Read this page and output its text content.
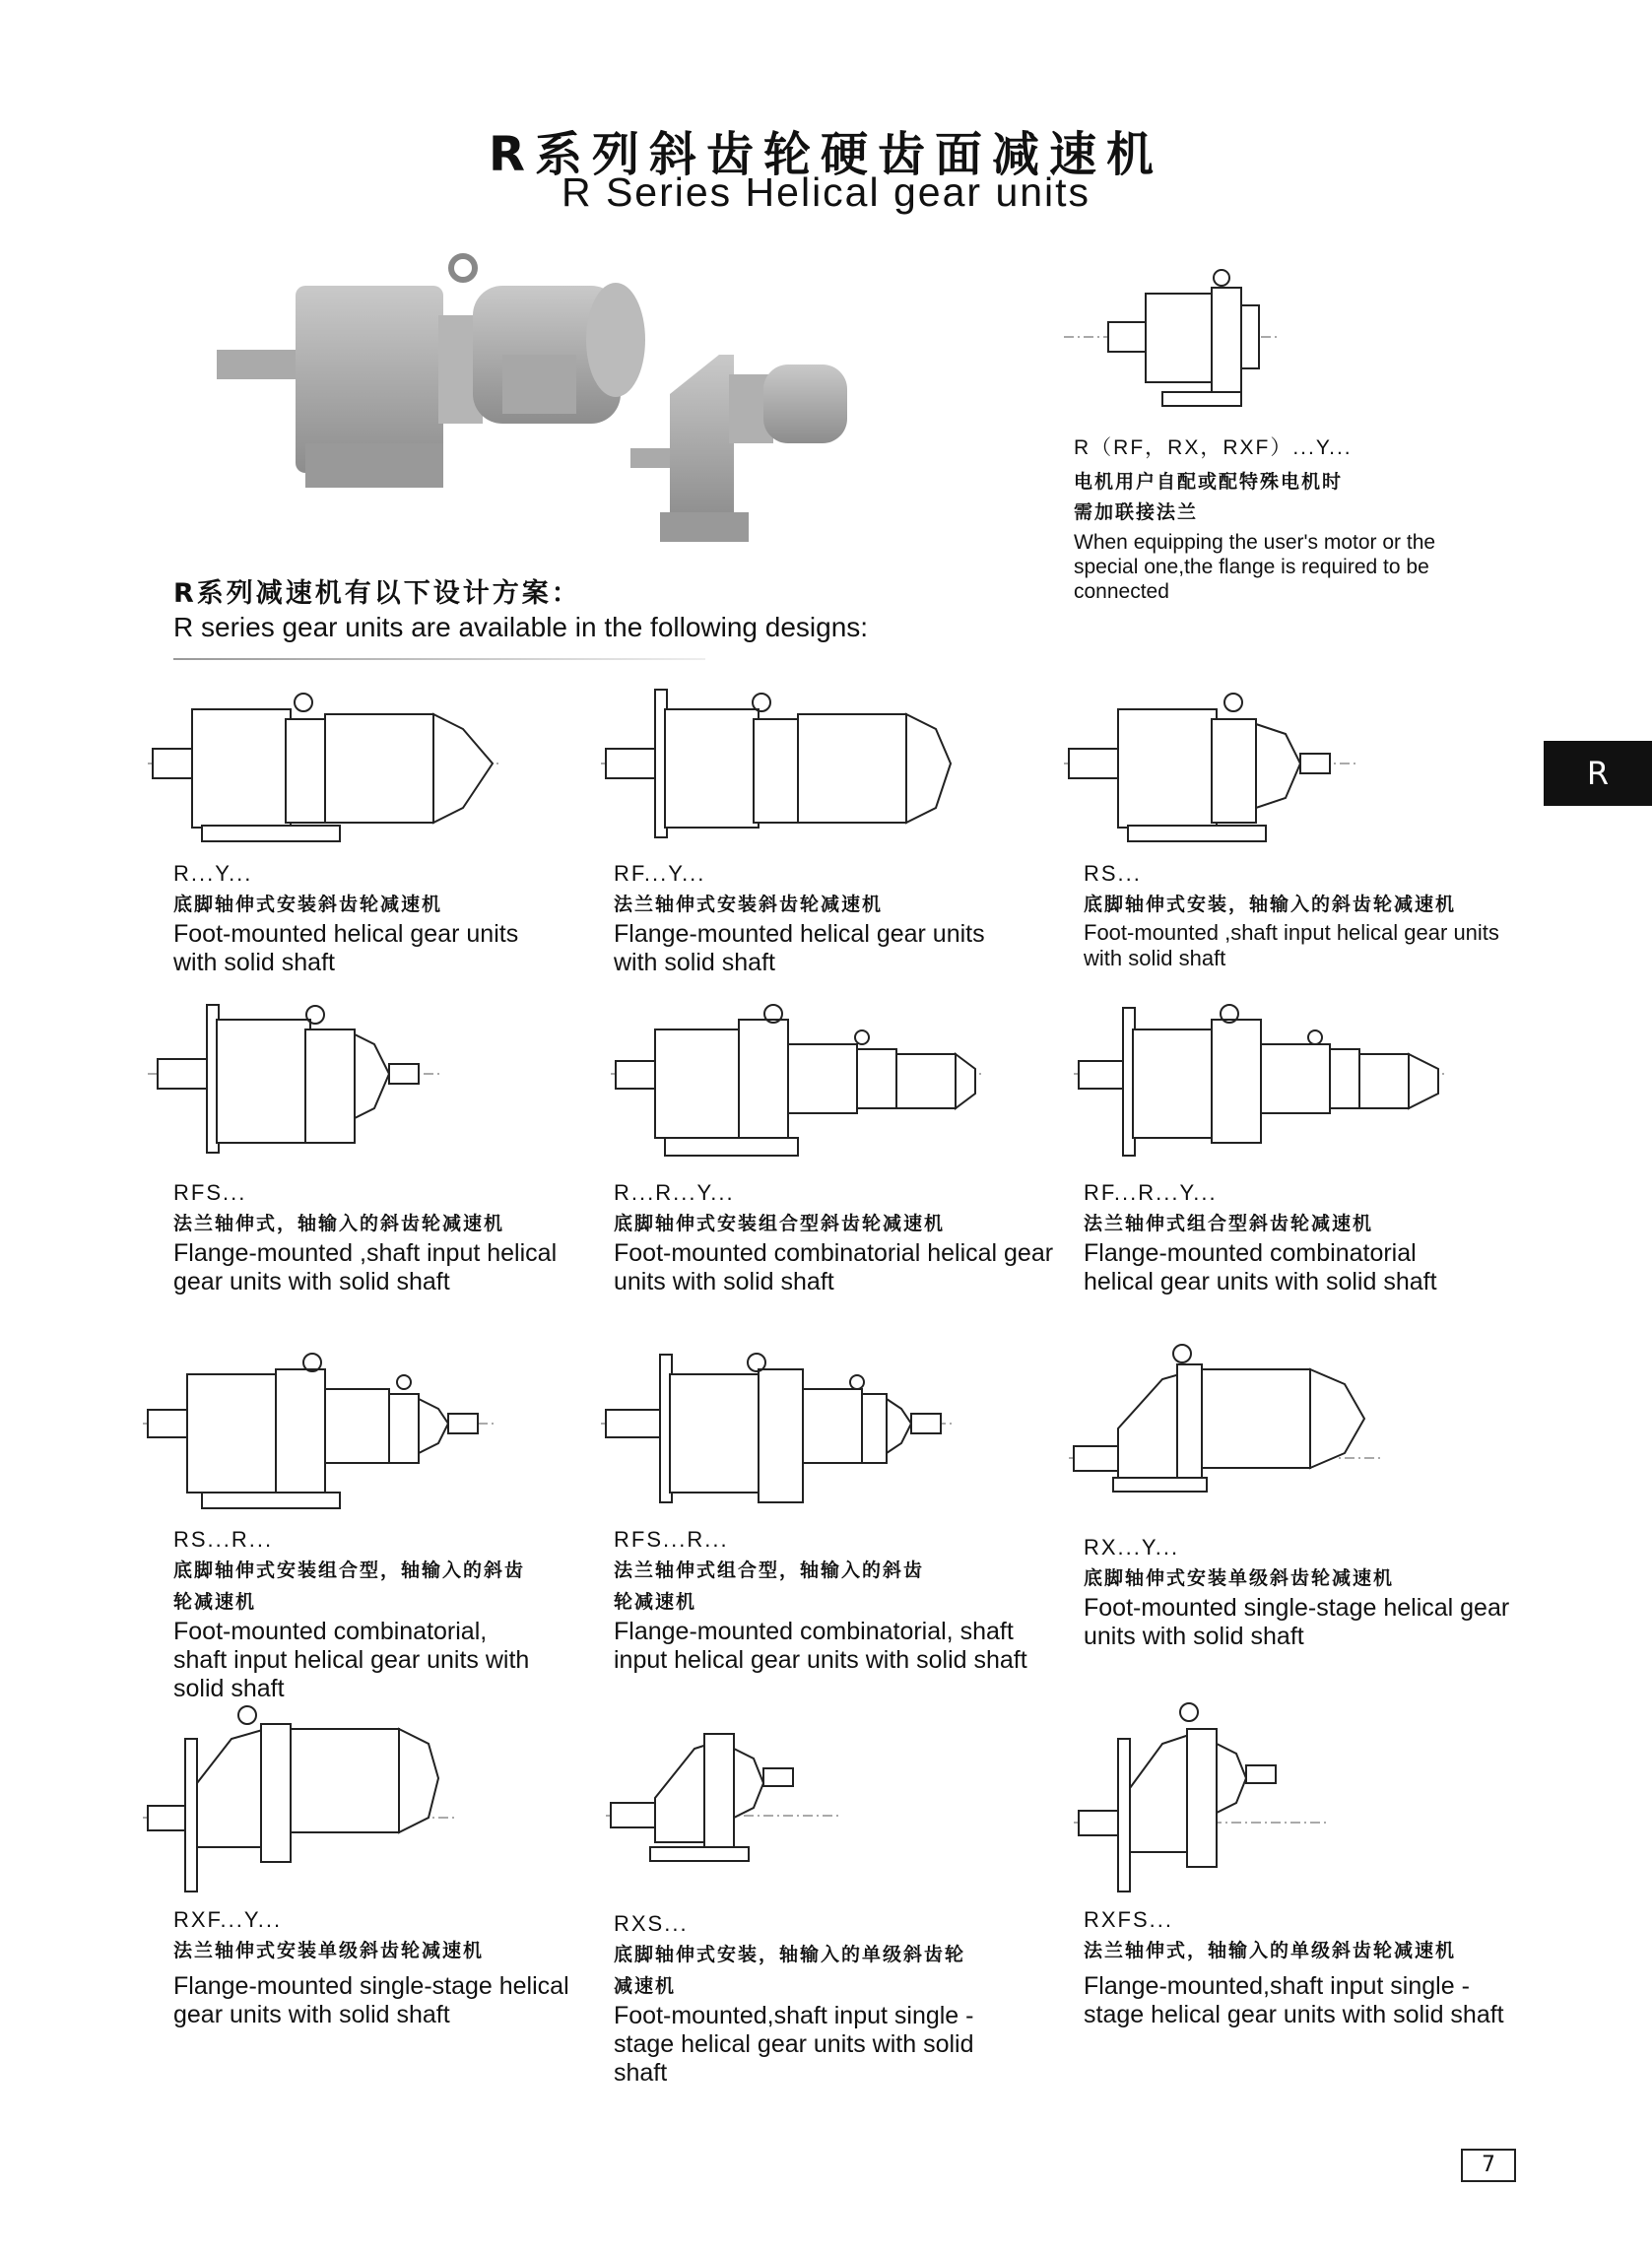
R系列斜齿轮硬齿面减速机
R Series Helical gear units
R（RF，RX，RXF）...Y...
电机用户自配或配特殊电机时
需加联接法兰
When equipping the user's motor or the special one,the flange is required to be connected
R系列减速机有以下设计方案：
R series gear units are available in the following designs:
R
R...Y...
底脚轴伸式安装斜齿轮减速机
Foot-mounted helical gear units with solid shaft
RF...Y...
法兰轴伸式安装斜齿轮减速机
Flange-mounted helical gear units with solid shaft
RS...
底脚轴伸式安装，轴输入的斜齿轮减速机
Foot-mounted ,shaft input helical gear units with solid shaft
RFS...
法兰轴伸式，轴输入的斜齿轮减速机
Flange-mounted ,shaft input helical gear units with solid shaft
R...R...Y...
底脚轴伸式安装组合型斜齿轮减速机
Foot-mounted combinatorial helical gear units with solid shaft
RF...R...Y...
法兰轴伸式组合型斜齿轮减速机
Flange-mounted combinatorial helical gear units with solid shaft
RS...R...
底脚轴伸式安装组合型，轴输入的斜齿轮减速机
Foot-mounted combinatorial, shaft input helical gear units with solid shaft
RFS...R...
法兰轴伸式组合型，轴输入的斜齿轮减速机
Flange-mounted combinatorial, shaft input helical gear units with solid shaft
RX...Y...
底脚轴伸式安装单级斜齿轮减速机
Foot-mounted single-stage helical gear units with solid shaft
RXF...Y...
法兰轴伸式安装单级斜齿轮减速机
Flange-mounted single-stage helical gear units with solid shaft
RXS...
底脚轴伸式安装，轴输入的单级斜齿轮减速机
Foot-mounted,shaft input single -stage helical gear units with solid shaft
RXFS...
法兰轴伸式，轴输入的单级斜齿轮减速机
Flange-mounted,shaft input single -stage helical gear units with solid shaft
7
